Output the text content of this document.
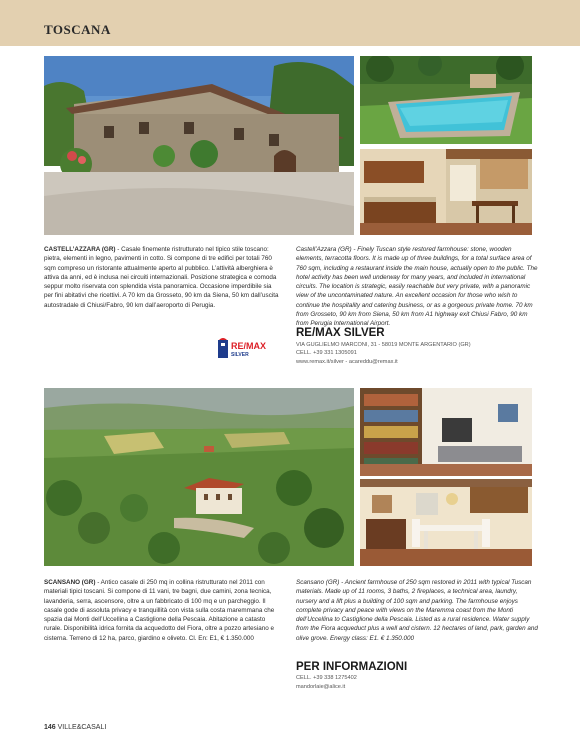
TOSCANA
CASTELL’AZZARA (GR) - Casale finemente ristrutturato nel tipico stile toscano: pietra, elementi in legno, pavimenti in cotto. Si compone di tre edifici per totali 760 sqm compreso un ristorante attualmente aperto al pubblico. L’attività alberghiera è attiva da anni, ed è inclusa nei circuiti internazionali. Posizione strategica e comoda seppur molto riservata con splendida vista panoramica. Occasione imperdibile sia per fini abitativi che ricettivi. A 70 km da Grosseto, 90 km da Siena, 50 km dall’uscita autostradale di Chiusi/Fabro, 90 km dall’aeroporto di Perugia.
Castell’Azzara (GR) - Finely Tuscan style restored farmhouse: stone, wooden elements, terracotta floors. It is made up of three buildings, for a total surface area of 760 sqm, including a restaurant inside the main house, actually open to the public. The hotel activity has been well underway for many years, and included in international circuits. The location is strategic, easily reachable but very private, with a panoramic view of the uncontaminated nature. An excellent occasion for those who wish to continue the hospitality and catering business, or as a gorgeous private home. 70 km from Grosseto, 90 km from Siena, 50 km from A1 highway exit Chiusi Fabro, 90 km from Perugia International Airport.
RE/MAX
SILVER
RE/MAX SILVER
VIA GUGLIELMO MARCONI, 31 - 58019 MONTE ARGENTARIO (GR)
CELL. +39 331 1305091
www.remax.it/silver - acareddu@remax.it
SCANSANO (GR) - Antico casale di 250 mq in collina ristrutturato nel 2011 con materiali tipici toscani. Si compone di 11 vani, tre bagni, due camini, zona tecnica, lavanderia, serra, ascensore, oltre a un fabbricato di 100 mq e un parcheggio. Il casale gode di assoluta privacy e tranquillità con vista sulla costa maremmana che spazia dai Monti dell’Uccellina a Castiglione della Pescaia. Abitazione a catasto rurale. Disponibilità idrica fornita da acquedotto del Fiora, oltre a pozzo artesiano e cisterna. Terreno di 12 ha, parco, giardino e oliveto. Cl. En: E1, € 1.350.000
Scansano (GR) - Ancient farmhouse of 250 sqm restored in 2011 with typical Tuscan materials. Made up of 11 rooms, 3 baths, 2 fireplaces, a technical area, laundry, nursery and a lift plus a building of 100 sqm and parking. The farmhouse enjoys complete privacy and peace with views on the Maremma coast from the Monti dell’Uccellina to Castiglione della Pescaia. Listed as a rural residence. Water supply from the Fiora acqueduct plus a well and cistern. 12 hectares of land, park, garden and olive grove. Energy class: E1. € 1.350.000
PER INFORMAZIONI
CELL. +39 338 1275402
mandorlaie@alice.it
146 VILLE&CASALI
